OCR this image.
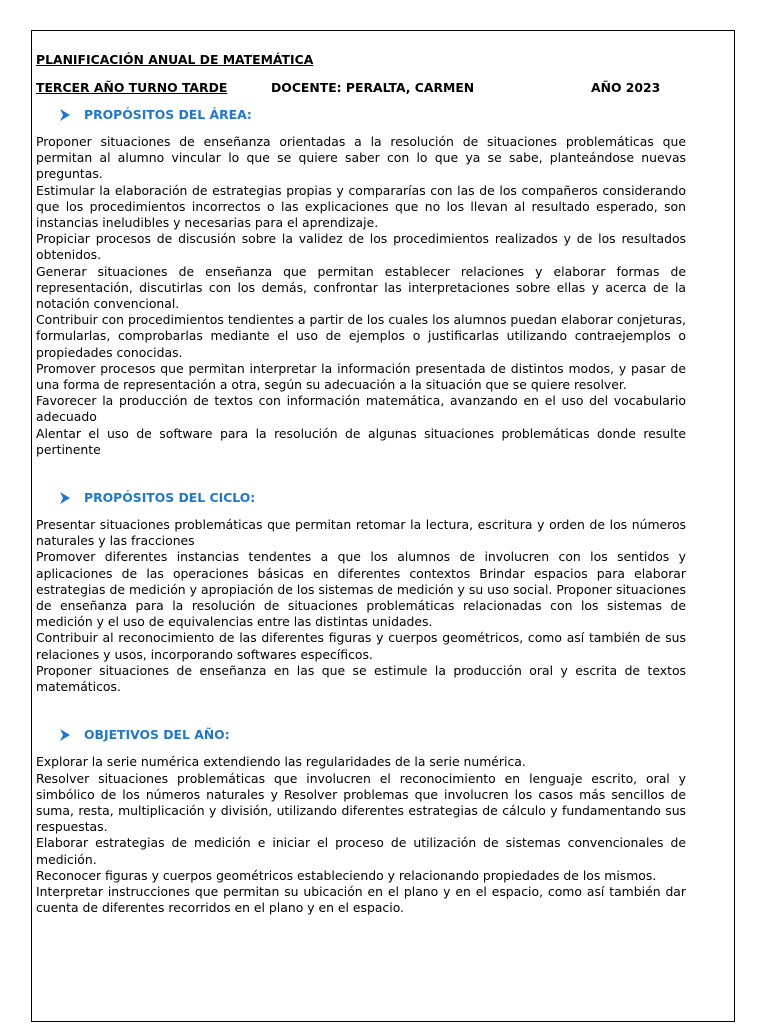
PLANIFICACIÓN ANUAL DE MATEMÁTICA

TERCER AÑO TURNO TARDE	DOCENTE: PERALTA, CARMEN	AÑO 2023
PROPÓSITOS DEL ÁREA:

Proponer situaciones de enseñanza orientadas a la resolución de situaciones problemáticas que permitan al alumno vincular lo que se quiere saber con lo que ya se sabe, planteándose nuevas preguntas.

Estimular la elaboración de estrategias propias y compararías con las de los compañeros considerando que los procedimientos incorrectos o las explicaciones que no los llevan al resultado esperado, son instancias ineludibles y necesarias para el aprendizaje.

Propiciar procesos de discusión sobre la validez de los procedimientos realizados y de los resultados obtenidos.

Generar situaciones de enseñanza que permitan establecer relaciones y elaborar formas de representación, discutirlas con los demás, confrontar las interpretaciones sobre ellas y acerca de la notación convencional.

Contribuir con procedimientos tendientes a partir de los cuales los alumnos puedan elaborar conjeturas, formularlas, comprobarlas mediante el uso de ejemplos o justificarlas utilizando contraejemplos o propiedades conocidas.

Promover procesos que permitan interpretar la información presentada de distintos modos, y pasar de una forma de representación a otra, según su adecuación a la situación que se quiere resolver.

Favorecer la producción de textos con información matemática, avanzando en el uso del vocabulario adecuado

Alentar el uso de software para la resolución de algunas situaciones problemáticas donde resulte pertinente

PROPÓSITOS DEL CICLO:

Presentar situaciones problemáticas que permitan retomar la lectura, escritura y orden de los números naturales y las fracciones

Promover diferentes instancias tendentes a que los alumnos de involucren con los sentidos y aplicaciones de las operaciones básicas en diferentes contextos Brindar espacios para elaborar estrategias de medición y apropiación de los sistemas de medición y su uso social. Proponer situaciones de enseñanza para la resolución de situaciones problemáticas relacionadas con los sistemas de medición y el uso de equivalencias entre las distintas unidades.

Contribuir al reconocimiento de las diferentes figuras y cuerpos geométricos, como así también de sus relaciones y usos, incorporando softwares específicos.

Proponer situaciones de enseñanza en las que se estimule la producción oral y escrita de textos matemáticos.

OBJETIVOS DEL AÑO:

Explorar la serie numérica extendiendo las regularidades de la serie numérica.

Resolver situaciones problemáticas que involucren el reconocimiento en lenguaje escrito, oral y simbólico de los números naturales y Resolver problemas que involucren los casos más sencillos de suma, resta, multiplicación y división, utilizando diferentes estrategias de cálculo y fundamentando sus respuestas.

Elaborar estrategias de medición e iniciar el proceso de utilización de sistemas convencionales de medición.

Reconocer figuras y cuerpos geométricos estableciendo y relacionando propiedades de los mismos.

Interpretar instrucciones que permitan su ubicación en el plano y en el espacio, como así también dar cuenta de diferentes recorridos en el plano y en el espacio.
